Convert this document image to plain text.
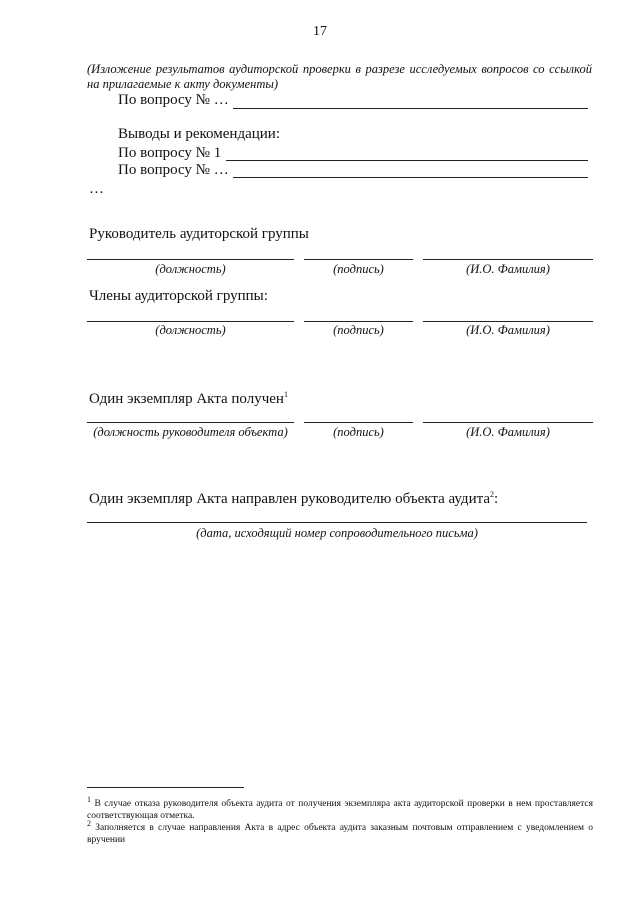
17
(Изложение результатов аудиторской проверки в разрезе исследуемых вопросов со ссылкой на прилагаемые к акту документы)
По вопросу № …
Выводы и рекомендации:
По вопросу № 1
По вопросу № …
…
Руководитель аудиторской группы
(должность)	(подпись)	(И.О. Фамилия)
Члены аудиторской группы:
(должность)	(подпись)	(И.О. Фамилия)
Один экземпляр Акта получен$^1$
(должность руководителя объекта)	(подпись)	(И.О. Фамилия)
Один экземпляр Акта направлен руководителю объекта аудита$^2$:
(дата, исходящий номер сопроводительного письма)
$^1$ В случае отказа руководителя объекта аудита от получения экземпляра акта аудиторской проверки в нем проставляется соответствующая отметка.
$^2$ Заполняется в случае направления Акта в адрес объекта аудита заказным почтовым отправлением с уведомлением о вручении
